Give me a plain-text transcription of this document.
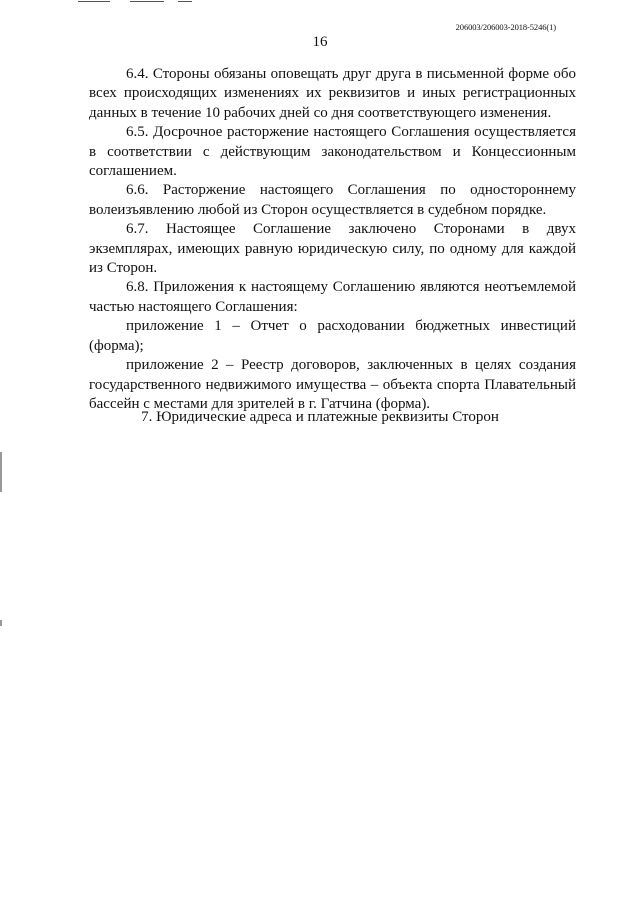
206003/206003-2018-5246(1)
16

6.4. Стороны обязаны оповещать друг друга в письменной форме обо всех происходящих изменениях их реквизитов и иных регистрационных данных в течение 10 рабочих дней со дня соответствующего изменения.

6.5. Досрочное расторжение настоящего Соглашения осуществляется в соответствии с действующим законодательством и Концессионным соглашением.

6.6. Расторжение настоящего Соглашения по одностороннему волеизъявлению любой из Сторон осуществляется в судебном порядке.

6.7. Настоящее Соглашение заключено Сторонами в двух экземплярах, имеющих равную юридическую силу, по одному для каждой из Сторон.

6.8. Приложения к настоящему Соглашению являются неотъемлемой частью настоящего Соглашения:

приложение 1 – Отчет о расходовании бюджетных инвестиций (форма);

приложение 2 – Реестр договоров, заключенных в целях создания государственного недвижимого имущества – объекта спорта Плавательный бассейн с местами для зрителей в г. Гатчина (форма).

7. Юридические адреса и платежные реквизиты Сторон
